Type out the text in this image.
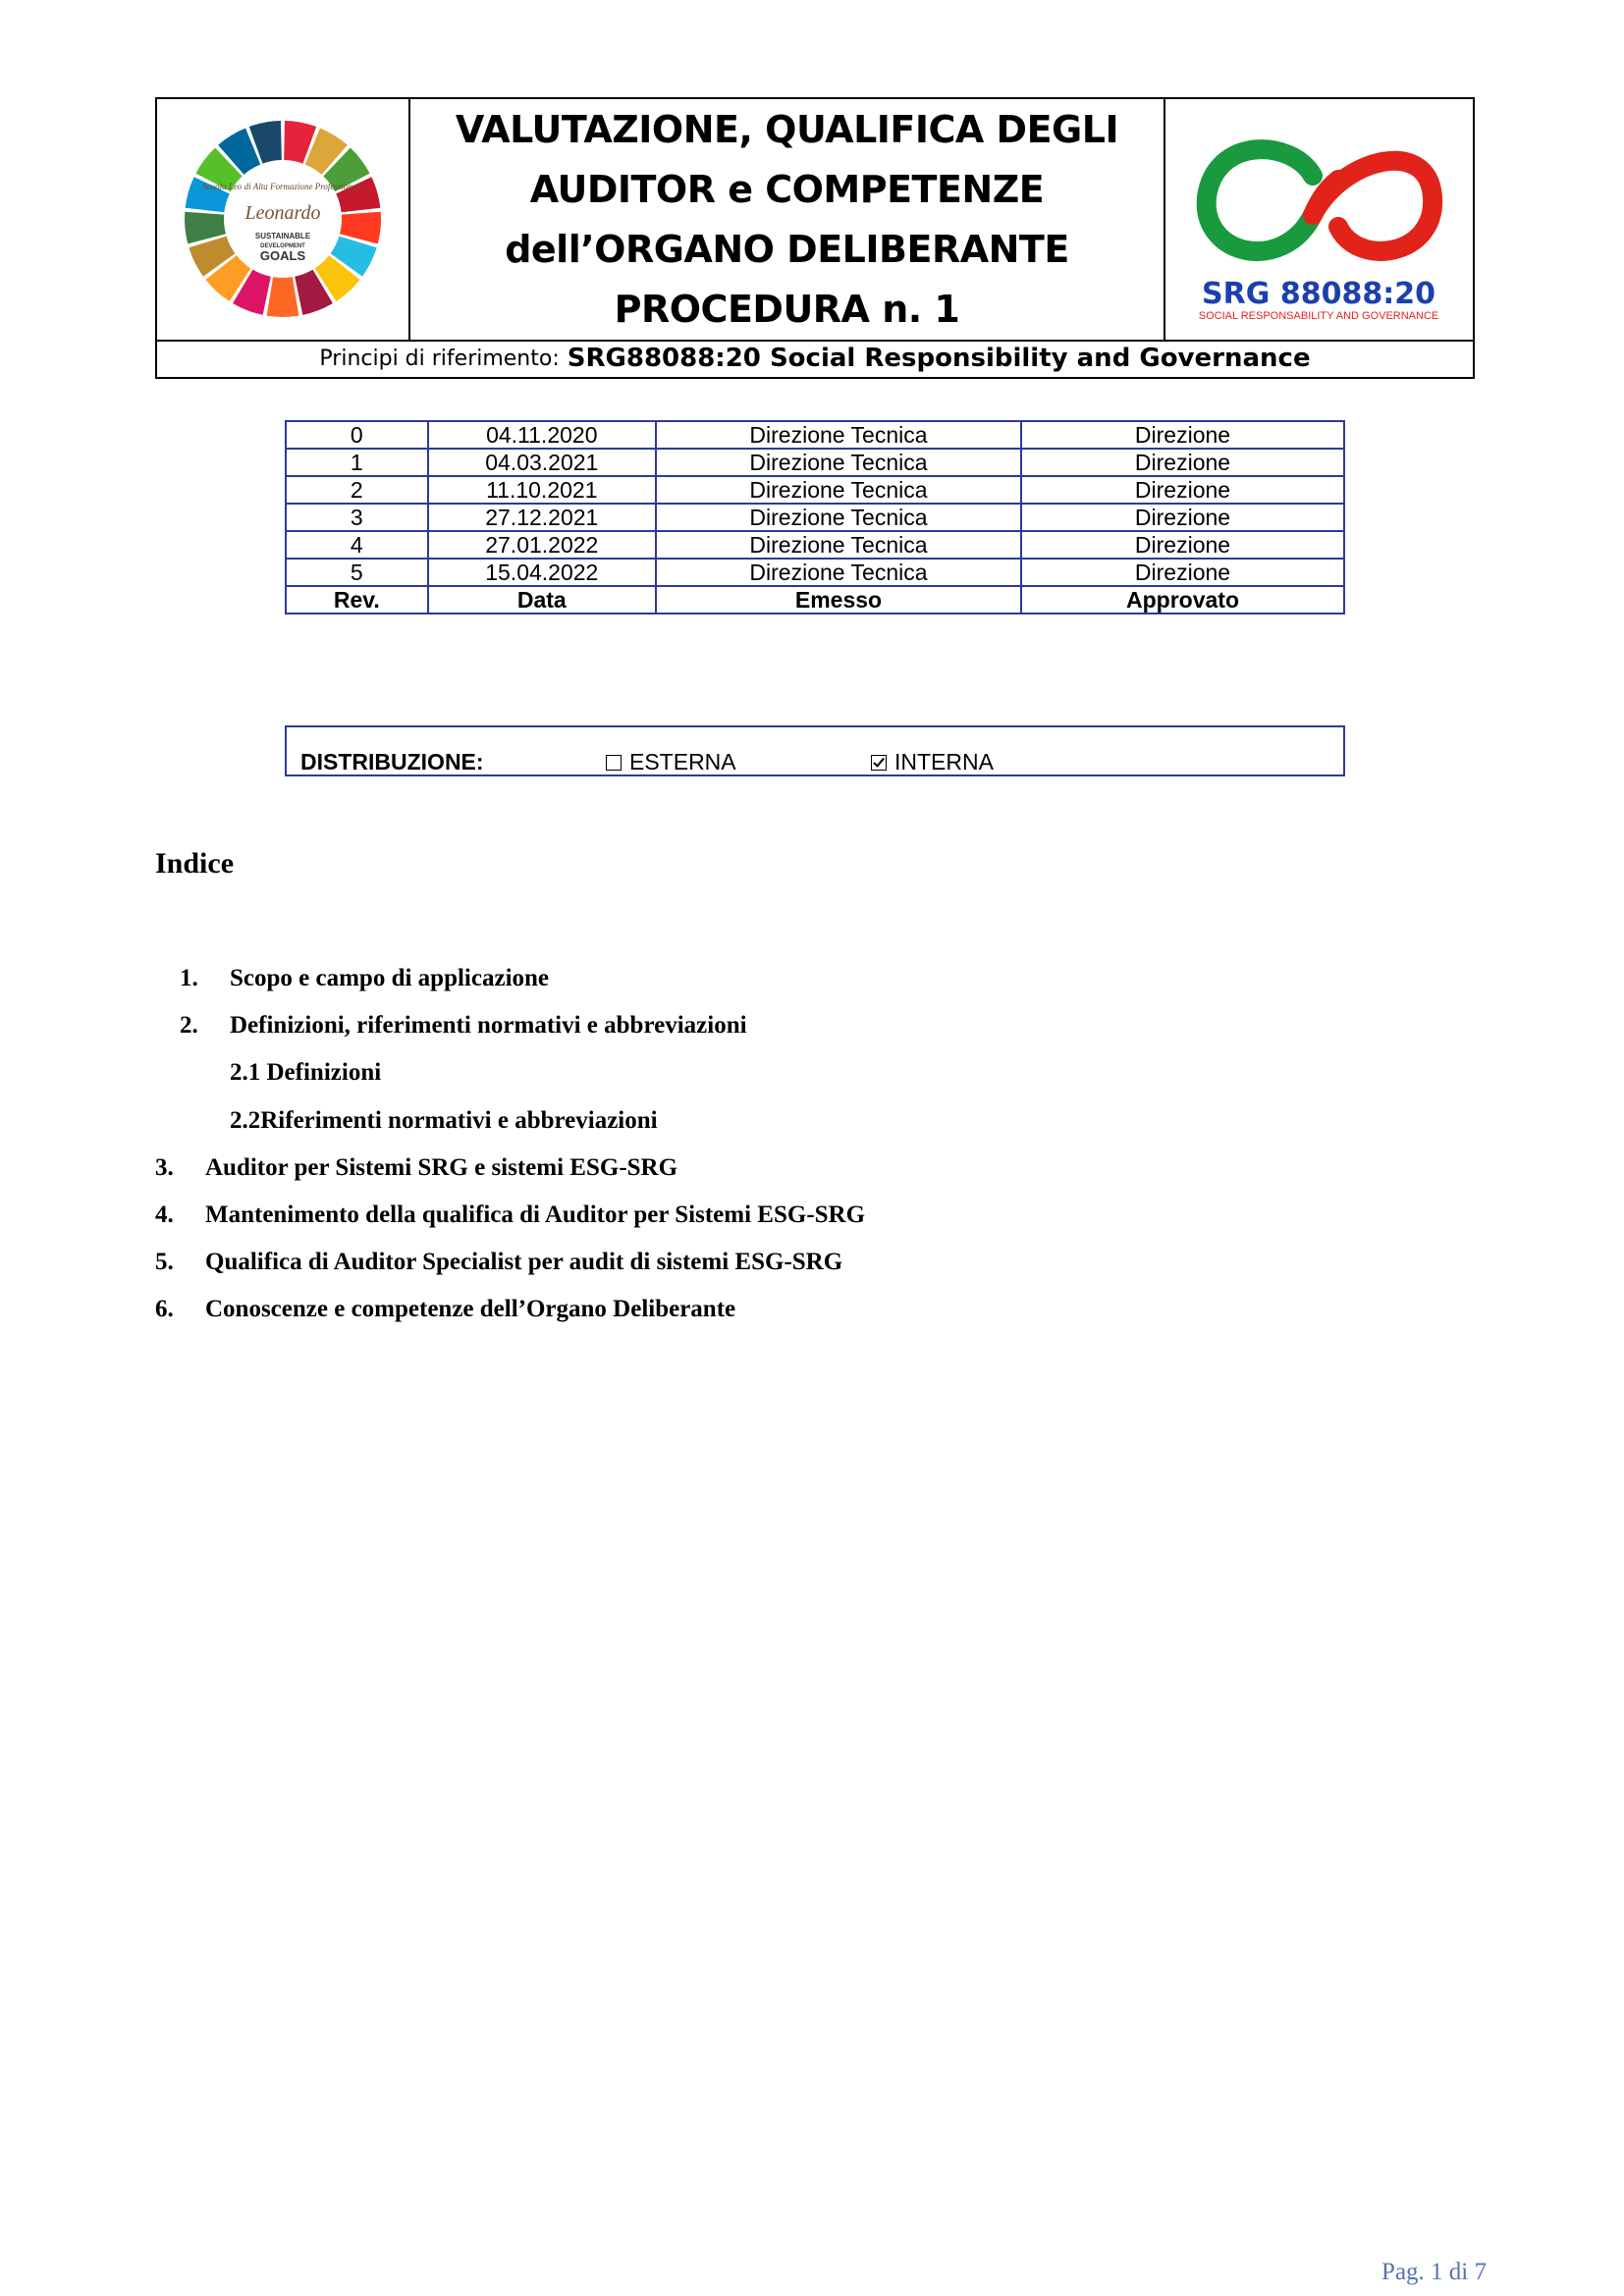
Scuola Leo di Alta Formazione Professionale
Leonardo
SUSTAINABLE
DEVELOPMENT
GOALS
VALUTAZIONE, QUALIFICA DEGLI
AUDITOR e COMPETENZE
dell’ORGANO DELIBERANTE
PROCEDURA n. 1	SRG 88088:20
SOCIAL RESPONSABILITY AND GOVERNANCE
Principi di riferimento: SRG88088:20 Social Responsibility and Governance
0	04.11.2020	Direzione Tecnica	Direzione
1	04.03.2021	Direzione Tecnica	Direzione
2	11.10.2021	Direzione Tecnica	Direzione
3	27.12.2021	Direzione Tecnica	Direzione
4	27.01.2022	Direzione Tecnica	Direzione
5	15.04.2022	Direzione Tecnica	Direzione
Rev.	Data	Emesso	Approvato
DISTRIBUZIONE:	ESTERNA	INTERNA
Indice
1. Scopo e campo di applicazione
2. Definizioni, riferimenti normativi e abbreviazioni
2.1 Definizioni
2.2Riferimenti normativi e abbreviazioni
3. Auditor per Sistemi SRG e sistemi ESG-SRG
4. Mantenimento della qualifica di Auditor per Sistemi ESG-SRG
5. Qualifica di Auditor Specialist per audit di sistemi ESG-SRG
6. Conoscenze e competenze dell’Organo Deliberante
Pag. 1 di 7
